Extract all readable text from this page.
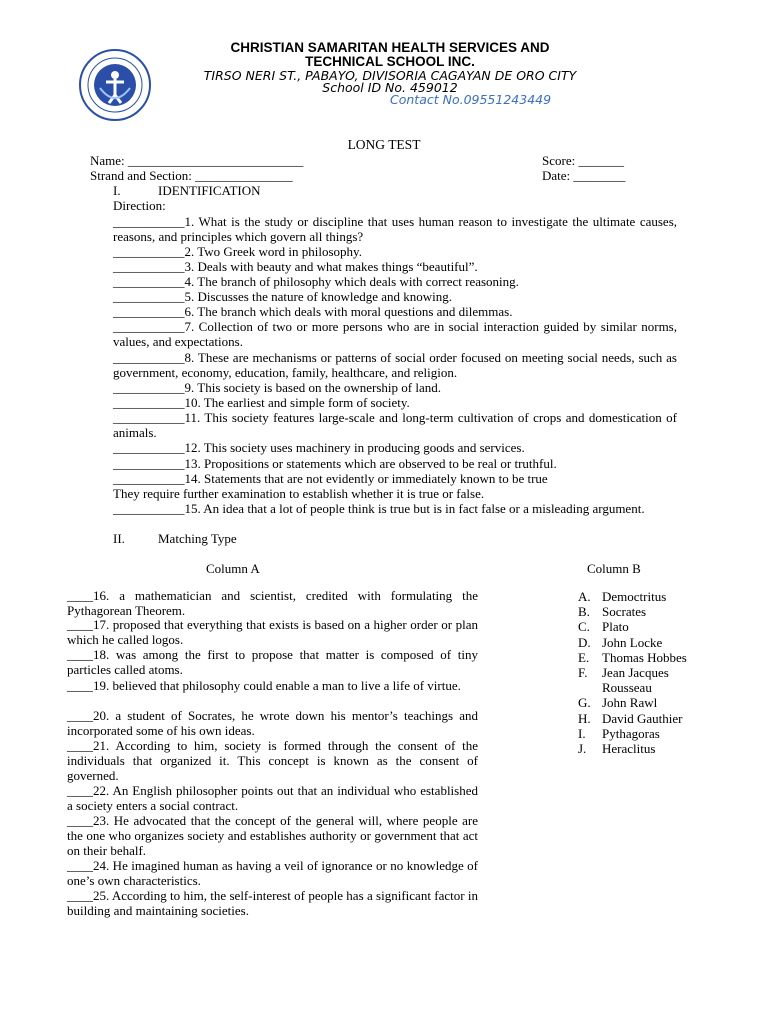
CHRISTIAN SAMARITAN HEALTH SERVICES AND
TECHNICAL SCHOOL INC.
TIRSO NERI ST., PABAYO, DIVISORIA CAGAYAN DE ORO CITY
School ID No. 459012
Contact No.09551243449
LONG TEST
Name: ___________________________	Score: _______
Strand and Section: _______________	Date: ________
I.	IDENTIFICATION
Direction:
___________1. What is the study or discipline that uses human reason to investigate the ultimate causes, reasons, and principles which govern all things?
___________2. Two Greek word in philosophy.
___________3. Deals with beauty and what makes things “beautiful”.
___________4. The branch of philosophy which deals with correct reasoning.
___________5. Discusses the nature of knowledge and knowing.
___________6. The branch which deals with moral questions and dilemmas.
___________7. Collection of two or more persons who are in social interaction guided by similar norms, values, and expectations.
___________8. These are mechanisms or patterns of social order focused on meeting social needs, such as government, economy, education, family, healthcare, and religion.
___________9. This society is based on the ownership of land.
___________10. The earliest and simple form of society.
___________11. This society features large-scale and long-term cultivation of crops and domestication of animals.
___________12. This society uses machinery in producing goods and services.
___________13. Propositions or statements which are observed to be real or truthful.
___________14. Statements that are not evidently or immediately known to be true
They require further examination to establish whether it is true or false.
___________15. An idea that a lot of people think is true but is in fact false or a misleading argument.
II.	Matching Type
Column A	Column B
____16. a mathematician and scientist, credited with formulating the Pythagorean Theorem.
____17. proposed that everything that exists is based on a higher order or plan which he called logos.
____18. was among the first to propose that matter is composed of tiny particles called atoms.
____19. believed that philosophy could enable a man to live a life of virtue.
____20. a student of Socrates, he wrote down his mentor’s teachings and incorporated some of his own ideas.
____21. According to him, society is formed through the consent of the individuals that organized it. This concept is known as the consent of governed.
____22. An English philosopher points out that an individual who established a society enters a social contract.
____23. He advocated that the concept of the general will, where people are the one who organizes society and establishes authority or government that act on their behalf.
____24. He imagined human as having a veil of ignorance or no knowledge of one’s own characteristics.
____25. According to him, the self-interest of people has a significant factor in building and maintaining societies.
A. Democtritus
B. Socrates
C. Plato
D. John Locke
E. Thomas Hobbes
F.	Jean Jacques Rousseau
G. John Rawl
H. David Gauthier
I.	Pythagoras
J.	Heraclitus
